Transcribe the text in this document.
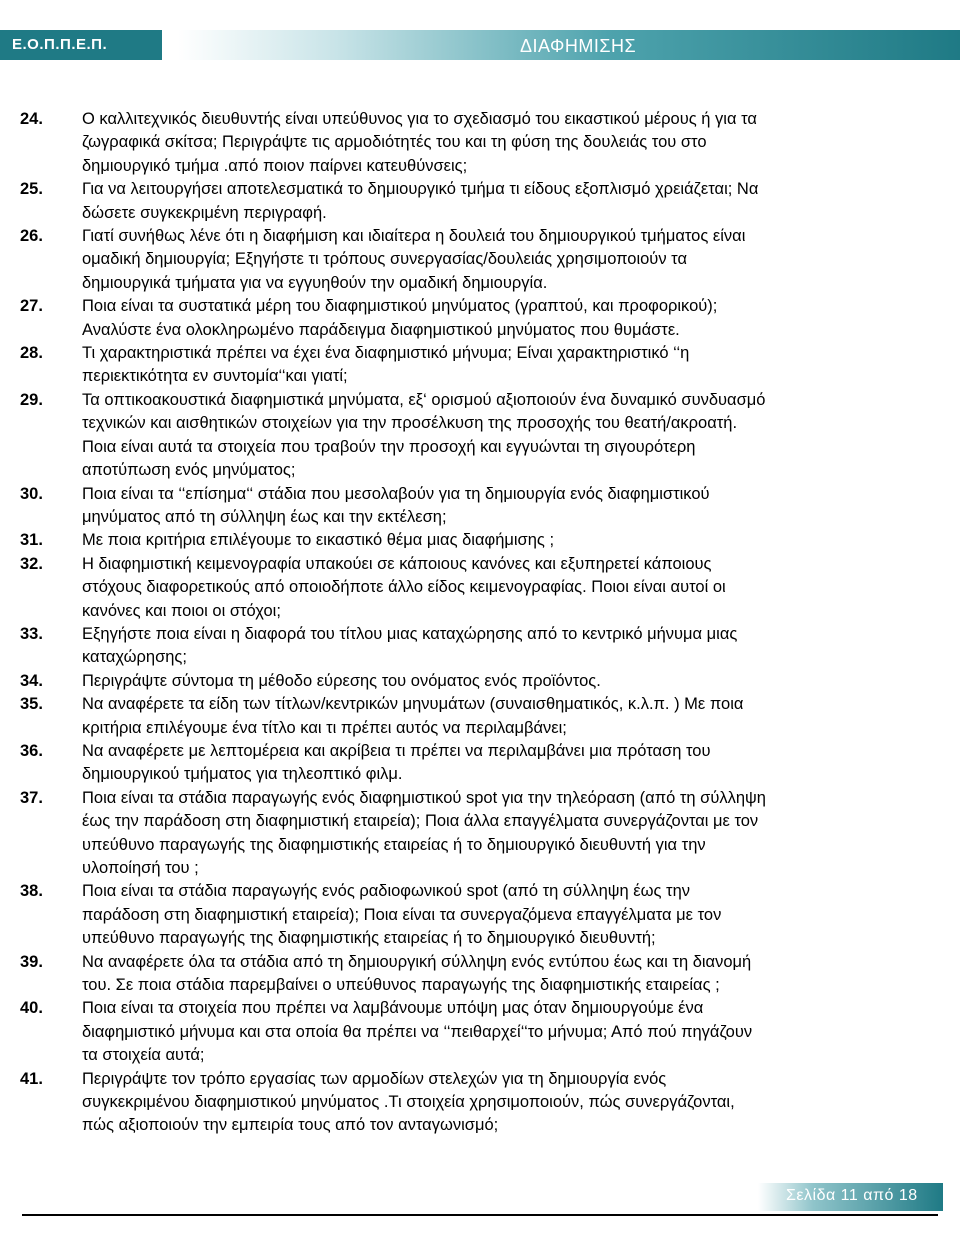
Ε.Ο.Π.Π.Ε.Π.	ΔΙΑΦΗΜΙΣΗΣ
24.	Ο καλλιτεχνικός διευθυντής είναι υπεύθυνος για το σχεδιασμό του εικαστικού μέρους ή για τα
ζωγραφικά σκίτσα; Περιγράψτε τις αρμοδιότητές του και τη φύση της δουλειάς του στο
δημιουργικό τμήμα .από ποιον παίρνει κατευθύνσεις;
25.	Για να λειτουργήσει αποτελεσματικά το δημιουργικό τμήμα τι είδους εξοπλισμό χρειάζεται; Να
δώσετε συγκεκριμένη περιγραφή.
26.	Γιατί συνήθως λένε ότι η διαφήμιση και ιδιαίτερα η δουλειά του δημιουργικού τμήματος είναι
ομαδική δημιουργία; Εξηγήστε τι τρόπους συνεργασίας/δουλειάς χρησιμοποιούν τα
δημιουργικά τμήματα για να εγγυηθούν την ομαδική δημιουργία.
27.	Ποια είναι τα συστατικά μέρη του διαφημιστικού μηνύματος (γραπτού, και προφορικού);
Αναλύστε ένα ολοκληρωμένο παράδειγμα διαφημιστικού μηνύματος που θυμάστε.
28.	Τι χαρακτηριστικά πρέπει να έχει ένα διαφημιστικό μήνυμα; Είναι χαρακτηριστικό ‘‘η
περιεκτικότητα εν συντομία‘‘και γιατί;
29.	Τα οπτικοακουστικά διαφημιστικά μηνύματα, εξ‘ ορισμού αξιοποιούν ένα δυναμικό συνδυασμό
τεχνικών και αισθητικών στοιχείων για την προσέλκυση της προσοχής του θεατή/ακροατή.
Ποια είναι αυτά τα στοιχεία που τραβούν την προσοχή και εγγυώνται τη σιγουρότερη
αποτύπωση ενός μηνύματος;
30.	Ποια είναι τα ‘‘επίσημα‘‘ στάδια που μεσολαβούν για τη δημιουργία ενός διαφημιστικού
μηνύματος από τη σύλληψη έως και την εκτέλεση;
31.	Με ποια κριτήρια επιλέγουμε το εικαστικό θέμα μιας διαφήμισης ;
32.	Η διαφημιστική κειμενογραφία υπακούει σε κάποιους κανόνες και εξυπηρετεί κάποιους
στόχους διαφορετικούς από οποιοδήποτε άλλο είδος κειμενογραφίας. Ποιοι είναι αυτοί οι
κανόνες και ποιοι οι στόχοι;
33.	Εξηγήστε ποια είναι η διαφορά του τίτλου μιας καταχώρησης από το κεντρικό μήνυμα μιας
καταχώρησης;
34.	Περιγράψτε σύντομα τη μέθοδο εύρεσης του ονόματος ενός προϊόντος.
35.	Να αναφέρετε τα είδη των τίτλων/κεντρικών μηνυμάτων (συναισθηματικός, κ.λ.π. ) Με ποια
κριτήρια επιλέγουμε ένα τίτλο και τι πρέπει αυτός να περιλαμβάνει;
36.	Να αναφέρετε με λεπτομέρεια και ακρίβεια τι πρέπει να περιλαμβάνει μια πρόταση του
δημιουργικού τμήματος για τηλεοπτικό φιλμ.
37.	Ποια είναι τα στάδια παραγωγής ενός διαφημιστικού spot για την τηλεόραση (από τη σύλληψη
έως την παράδοση στη διαφημιστική εταιρεία); Ποια άλλα επαγγέλματα συνεργάζονται με τον
υπεύθυνο παραγωγής της διαφημιστικής εταιρείας ή το δημιουργικό διευθυντή για την
υλοποίησή του ;
38.	Ποια είναι τα στάδια παραγωγής ενός ραδιοφωνικού spot (από τη σύλληψη έως την
παράδοση στη διαφημιστική εταιρεία); Ποια είναι τα συνεργαζόμενα επαγγέλματα με τον
υπεύθυνο παραγωγής της διαφημιστικής εταιρείας ή το δημιουργικό διευθυντή;
39.	Να αναφέρετε όλα τα στάδια από τη δημιουργική σύλληψη ενός εντύπου έως και τη διανομή
του. Σε ποια στάδια παρεμβαίνει ο υπεύθυνος παραγωγής της διαφημιστικής εταιρείας ;
40.	Ποια είναι τα στοιχεία που πρέπει να λαμβάνουμε υπόψη μας όταν δημιουργούμε ένα
διαφημιστικό μήνυμα και στα οποία θα πρέπει να ‘‘πειθαρχεί‘‘το μήνυμα; Από πού πηγάζουν
τα στοιχεία αυτά;
41.	Περιγράψτε τον τρόπο εργασίας των αρμοδίων στελεχών για τη δημιουργία ενός
συγκεκριμένου διαφημιστικού μηνύματος .Τι στοιχεία χρησιμοποιούν, πώς συνεργάζονται,
πώς αξιοποιούν την εμπειρία τους από τον ανταγωνισμό;
Σελίδα 11 από 18
